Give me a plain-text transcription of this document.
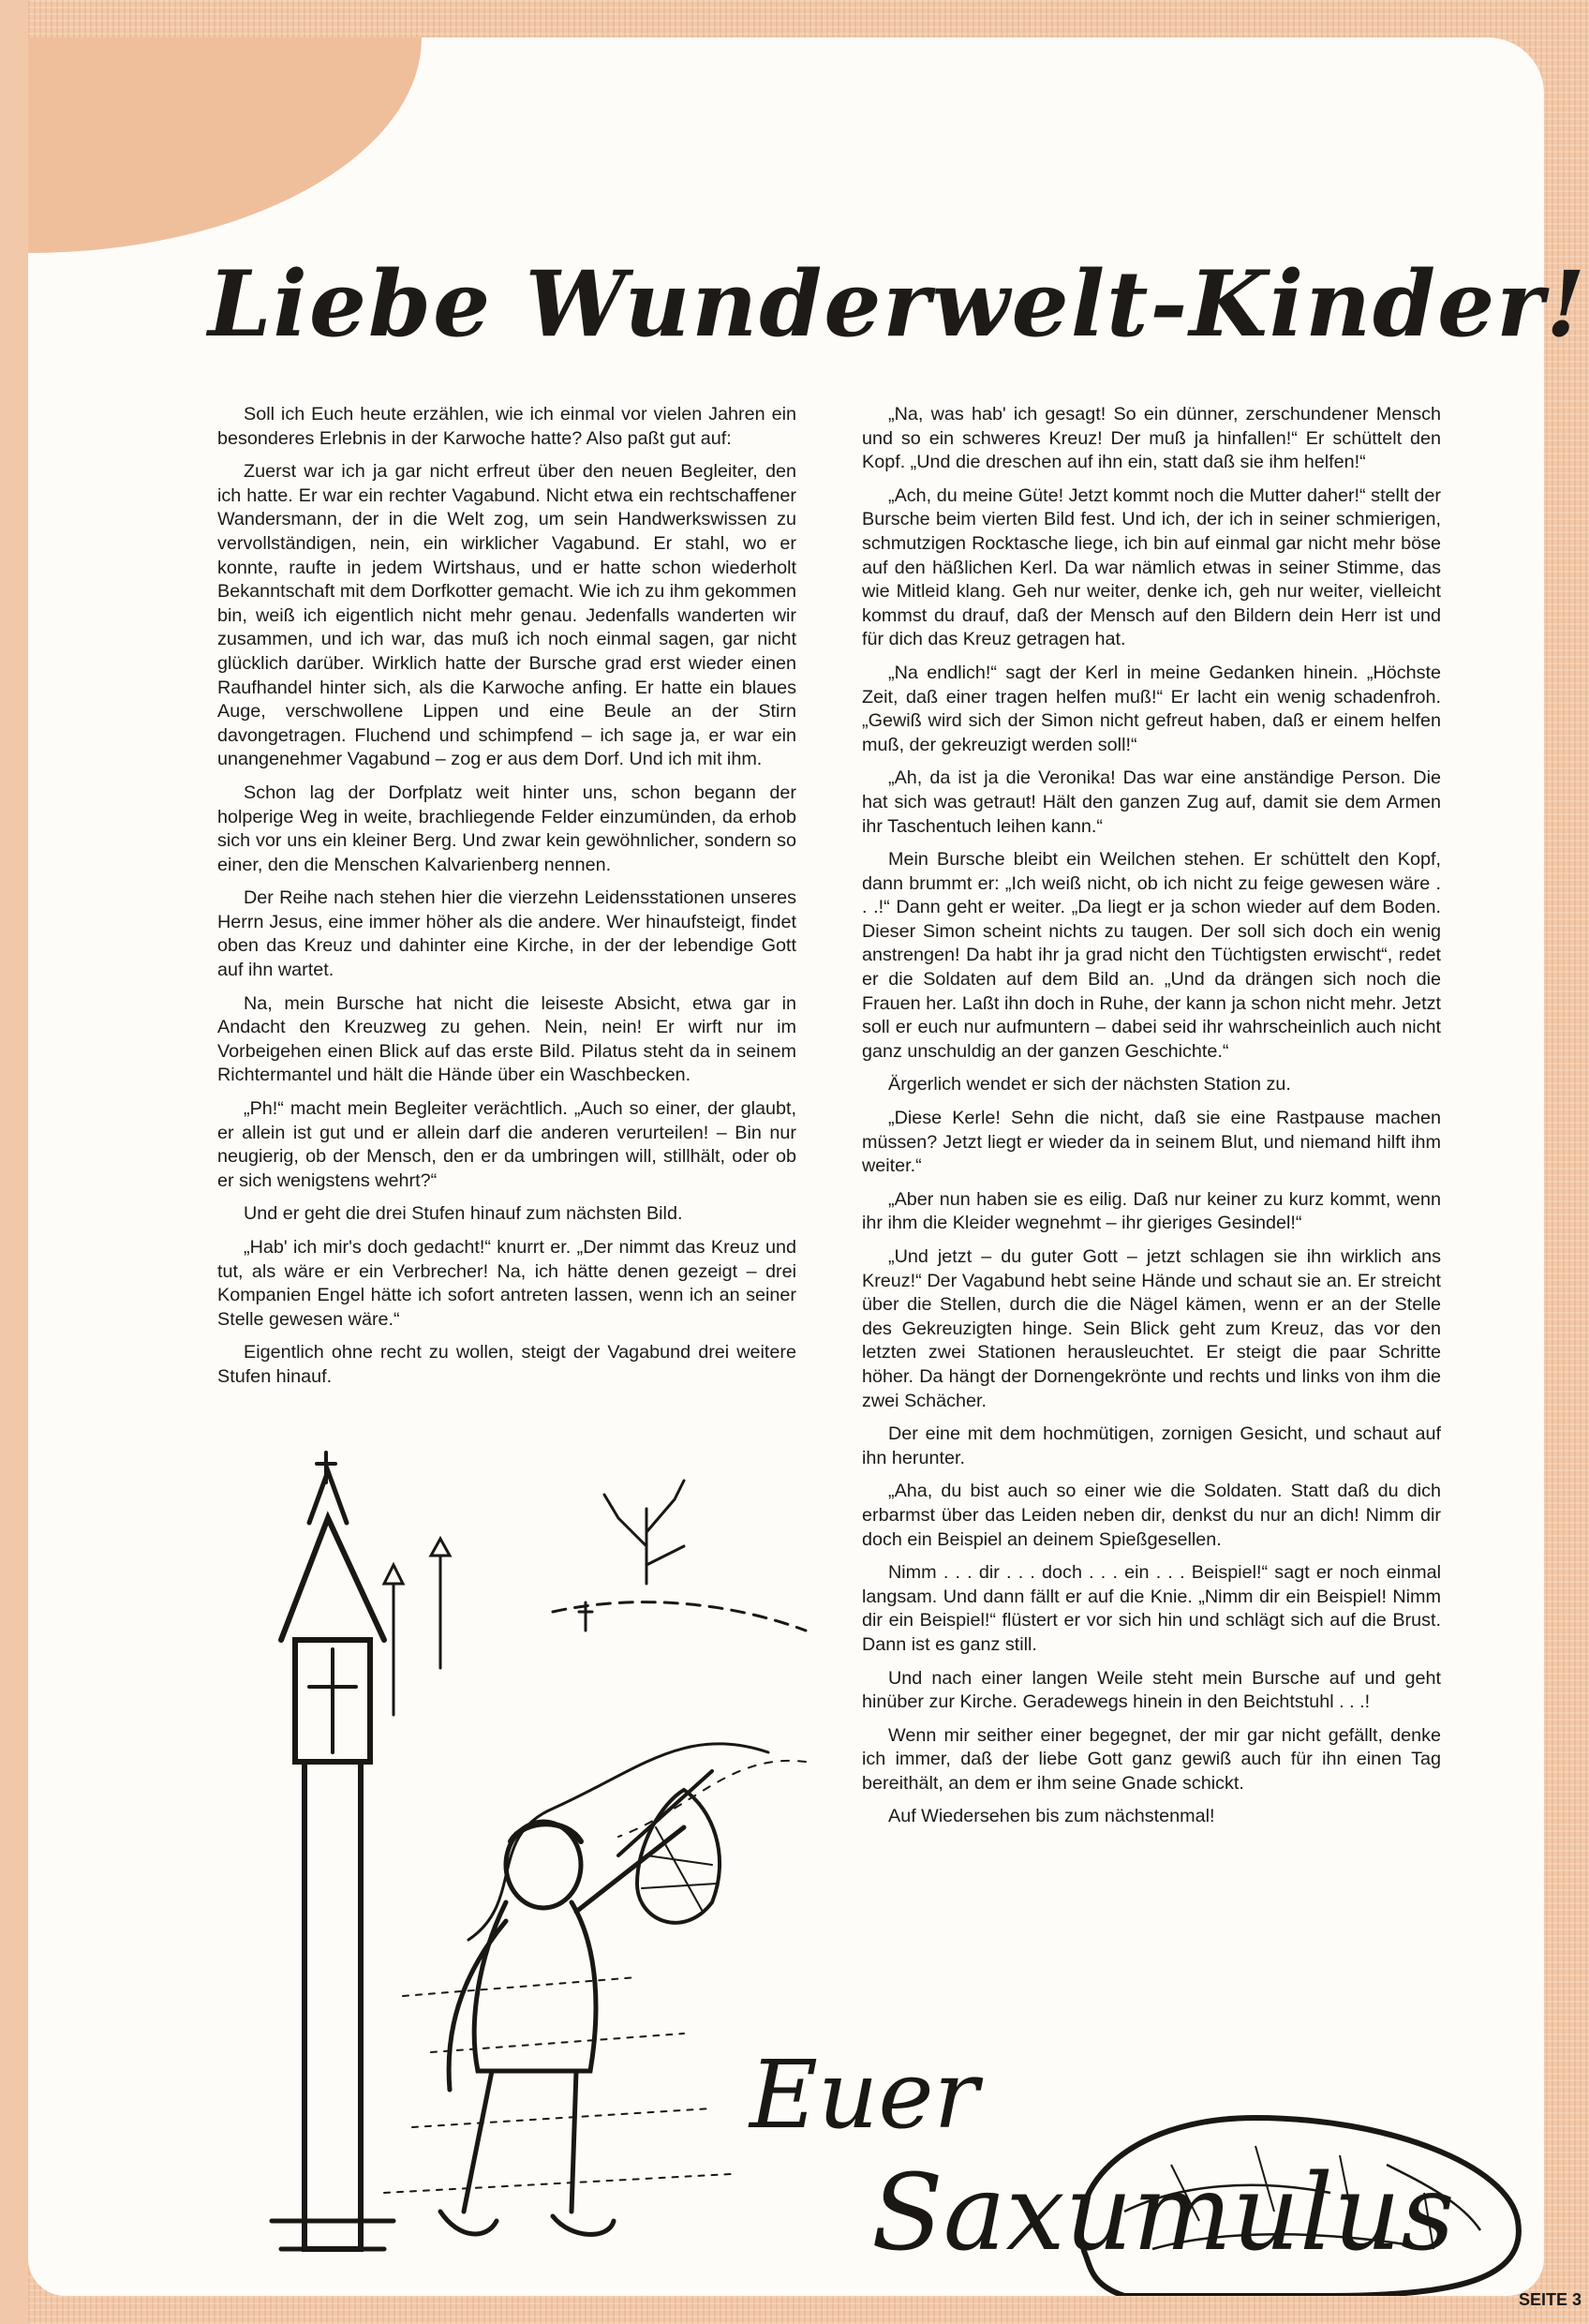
Liebe Wunderwelt-Kinder!

Soll ich Euch heute erzählen, wie ich einmal vor vielen Jahren ein besonderes Erlebnis in der Karwoche hatte? Also paßt gut auf:

Zuerst war ich ja gar nicht erfreut über den neuen Begleiter, den ich hatte. Er war ein rechter Vagabund. Nicht etwa ein rechtschaffener Wandersmann, der in die Welt zog, um sein Handwerkswissen zu vervollständigen, nein, ein wirklicher Vagabund. Er stahl, wo er konnte, raufte in jedem Wirtshaus, und er hatte schon wiederholt Bekanntschaft mit dem Dorfkotter gemacht. Wie ich zu ihm gekommen bin, weiß ich eigentlich nicht mehr genau. Jedenfalls wanderten wir zusammen, und ich war, das muß ich noch einmal sagen, gar nicht glücklich darüber. Wirklich hatte der Bursche grad erst wieder einen Raufhandel hinter sich, als die Karwoche anfing. Er hatte ein blaues Auge, verschwollene Lippen und eine Beule an der Stirn davongetragen. Fluchend und schimpfend – ich sage ja, er war ein unangenehmer Vagabund – zog er aus dem Dorf. Und ich mit ihm.

Schon lag der Dorfplatz weit hinter uns, schon begann der holperige Weg in weite, brachliegende Felder einzumünden, da erhob sich vor uns ein kleiner Berg. Und zwar kein gewöhnlicher, sondern so einer, den die Menschen Kalvarienberg nennen.

Der Reihe nach stehen hier die vierzehn Leidensstationen unseres Herrn Jesus, eine immer höher als die andere. Wer hinaufsteigt, findet oben das Kreuz und dahinter eine Kirche, in der der lebendige Gott auf ihn wartet.

Na, mein Bursche hat nicht die leiseste Absicht, etwa gar in Andacht den Kreuzweg zu gehen. Nein, nein! Er wirft nur im Vorbeigehen einen Blick auf das erste Bild. Pilatus steht da in seinem Richtermantel und hält die Hände über ein Waschbecken.

„Ph!“ macht mein Begleiter verächtlich. „Auch so einer, der glaubt, er allein ist gut und er allein darf die anderen verurteilen! – Bin nur neugierig, ob der Mensch, den er da umbringen will, stillhält, oder ob er sich wenigstens wehrt?“

Und er geht die drei Stufen hinauf zum nächsten Bild.

„Hab' ich mir's doch gedacht!“ knurrt er. „Der nimmt das Kreuz und tut, als wäre er ein Verbrecher! Na, ich hätte denen gezeigt – drei Kompanien Engel hätte ich sofort antreten lassen, wenn ich an seiner Stelle gewesen wäre.“

Eigentlich ohne recht zu wollen, steigt der Vagabund drei weitere Stufen hinauf.

„Na, was hab' ich gesagt! So ein dünner, zerschundener Mensch und so ein schweres Kreuz! Der muß ja hinfallen!“ Er schüttelt den Kopf. „Und die dreschen auf ihn ein, statt daß sie ihm helfen!“

„Ach, du meine Güte! Jetzt kommt noch die Mutter daher!“ stellt der Bursche beim vierten Bild fest. Und ich, der ich in seiner schmierigen, schmutzigen Rocktasche liege, ich bin auf einmal gar nicht mehr böse auf den häßlichen Kerl. Da war nämlich etwas in seiner Stimme, das wie Mitleid klang. Geh nur weiter, denke ich, geh nur weiter, vielleicht kommst du drauf, daß der Mensch auf den Bildern dein Herr ist und für dich das Kreuz getragen hat.

„Na endlich!“ sagt der Kerl in meine Gedanken hinein. „Höchste Zeit, daß einer tragen helfen muß!“ Er lacht ein wenig schadenfroh. „Gewiß wird sich der Simon nicht gefreut haben, daß er einem helfen muß, der gekreuzigt werden soll!“

„Ah, da ist ja die Veronika! Das war eine anständige Person. Die hat sich was getraut! Hält den ganzen Zug auf, damit sie dem Armen ihr Taschentuch leihen kann.“

Mein Bursche bleibt ein Weilchen stehen. Er schüttelt den Kopf, dann brummt er: „Ich weiß nicht, ob ich nicht zu feige gewesen wäre . . .!“ Dann geht er weiter. „Da liegt er ja schon wieder auf dem Boden. Dieser Simon scheint nichts zu taugen. Der soll sich doch ein wenig anstrengen! Da habt ihr ja grad nicht den Tüchtigsten erwischt“, redet er die Soldaten auf dem Bild an. „Und da drängen sich noch die Frauen her. Laßt ihn doch in Ruhe, der kann ja schon nicht mehr. Jetzt soll er euch nur aufmuntern – dabei seid ihr wahrscheinlich auch nicht ganz unschuldig an der ganzen Geschichte.“

Ärgerlich wendet er sich der nächsten Station zu.

„Diese Kerle! Sehn die nicht, daß sie eine Rastpause machen müssen? Jetzt liegt er wieder da in seinem Blut, und niemand hilft ihm weiter.“

„Aber nun haben sie es eilig. Daß nur keiner zu kurz kommt, wenn ihr ihm die Kleider wegnehmt – ihr gieriges Gesindel!“

„Und jetzt – du guter Gott – jetzt schlagen sie ihn wirklich ans Kreuz!“ Der Vagabund hebt seine Hände und schaut sie an. Er streicht über die Stellen, durch die die Nägel kämen, wenn er an der Stelle des Gekreuzigten hinge. Sein Blick geht zum Kreuz, das vor den letzten zwei Stationen herausleuchtet. Er steigt die paar Schritte höher. Da hängt der Dornengekrönte und rechts und links von ihm die zwei Schächer.

Der eine mit dem hochmütigen, zornigen Gesicht, und schaut auf ihn herunter.

„Aha, du bist auch so einer wie die Soldaten. Statt daß du dich erbarmst über das Leiden neben dir, denkst du nur an dich! Nimm dir doch ein Beispiel an deinem Spießgesellen.

Nimm . . . dir . . . doch . . . ein . . . Beispiel!“ sagt er noch einmal langsam. Und dann fällt er auf die Knie. „Nimm dir ein Beispiel! Nimm dir ein Beispiel!“ flüstert er vor sich hin und schlägt sich auf die Brust. Dann ist es ganz still.

Und nach einer langen Weile steht mein Bursche auf und geht hinüber zur Kirche. Geradewegs hinein in den Beichtstuhl . . .!

Wenn mir seither einer begegnet, der mir gar nicht gefällt, denke ich immer, daß der liebe Gott ganz gewiß auch für ihn einen Tag bereithält, an dem er ihm seine Gnade schickt.

Auf Wiedersehen bis zum nächstenmal!

Euer
Saxumulus
SEITE 3
